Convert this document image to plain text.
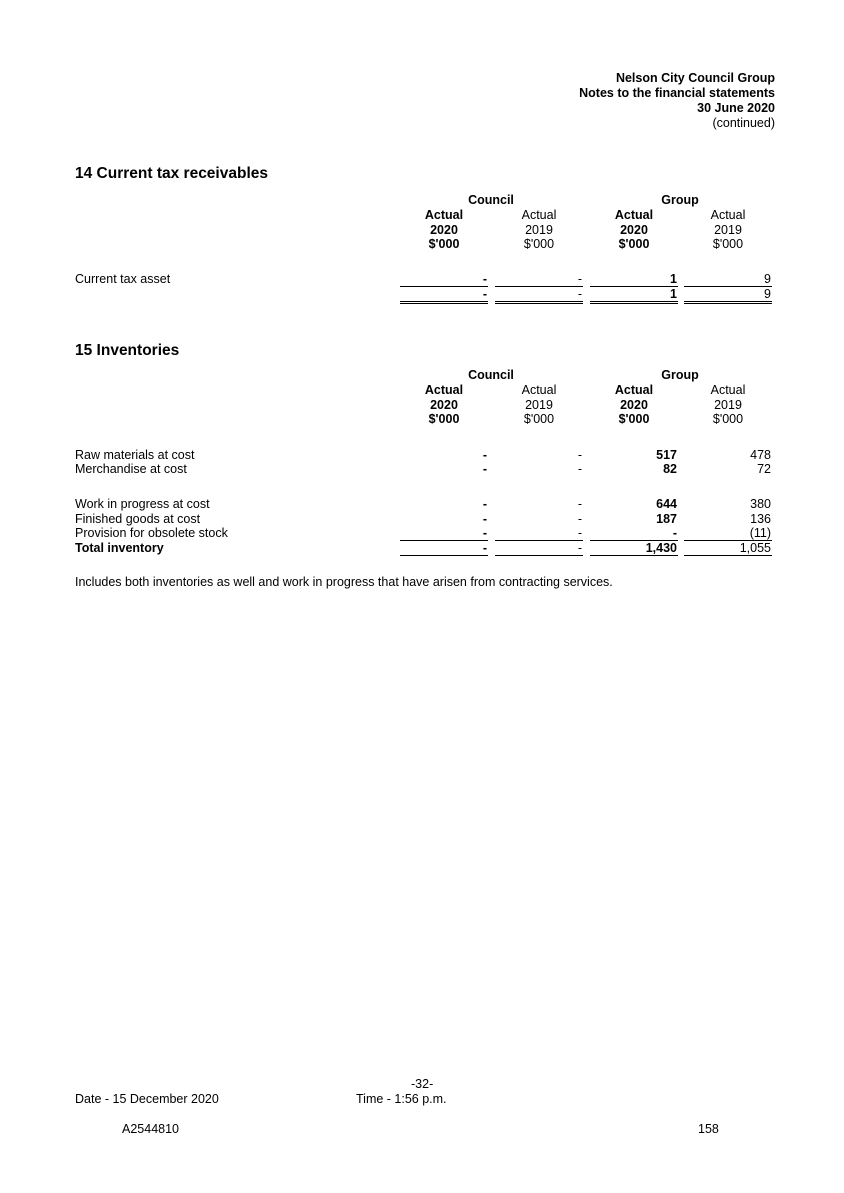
Nelson City Council Group
Notes to the financial statements
30 June 2020
(continued)
14 Current tax receivables
Council	Group
Actual
2020
$'000
Actual
2019
$'000
Actual
2020
$'000
Actual
2019
$'000
Current tax asset	-	-	1	9
-	-	1	9
15 Inventories
Council	Group
Actual
2020
$'000
Actual
2019
$'000
Actual
2020
$'000
Actual
2019
$'000
Raw materials at cost	-	-	517	478
Merchandise at cost	-	-	82	72
Work in progress at cost	-	-	644	380
Finished goods at cost	-	-	187	136
Provision for obsolete stock	-	-	-	(11)
Total inventory	-	-	1,430	1,055
Includes both inventories as well and work in progress that have arisen from contracting services.
-32-
Date - 15 December 2020	Time - 1:56 p.m.
A2544810	158
